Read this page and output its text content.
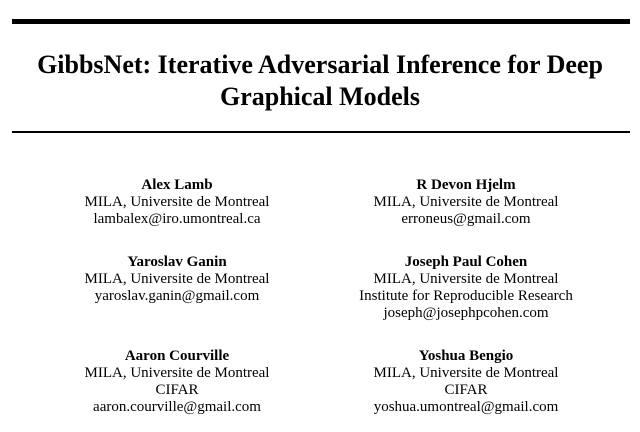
GibbsNet: Iterative Adversarial Inference for Deep
Graphical Models
Alex Lamb
MILA, Universite de Montreal
lambalex@iro.umontreal.ca
R Devon Hjelm
MILA, Universite de Montreal
erroneus@gmail.com
Yaroslav Ganin
MILA, Universite de Montreal
yaroslav.ganin@gmail.com
Joseph Paul Cohen
MILA, Universite de Montreal
Institute for Reproducible Research
joseph@josephpcohen.com
Aaron Courville
MILA, Universite de Montreal
CIFAR
aaron.courville@gmail.com
Yoshua Bengio
MILA, Universite de Montreal
CIFAR
yoshua.umontreal@gmail.com
